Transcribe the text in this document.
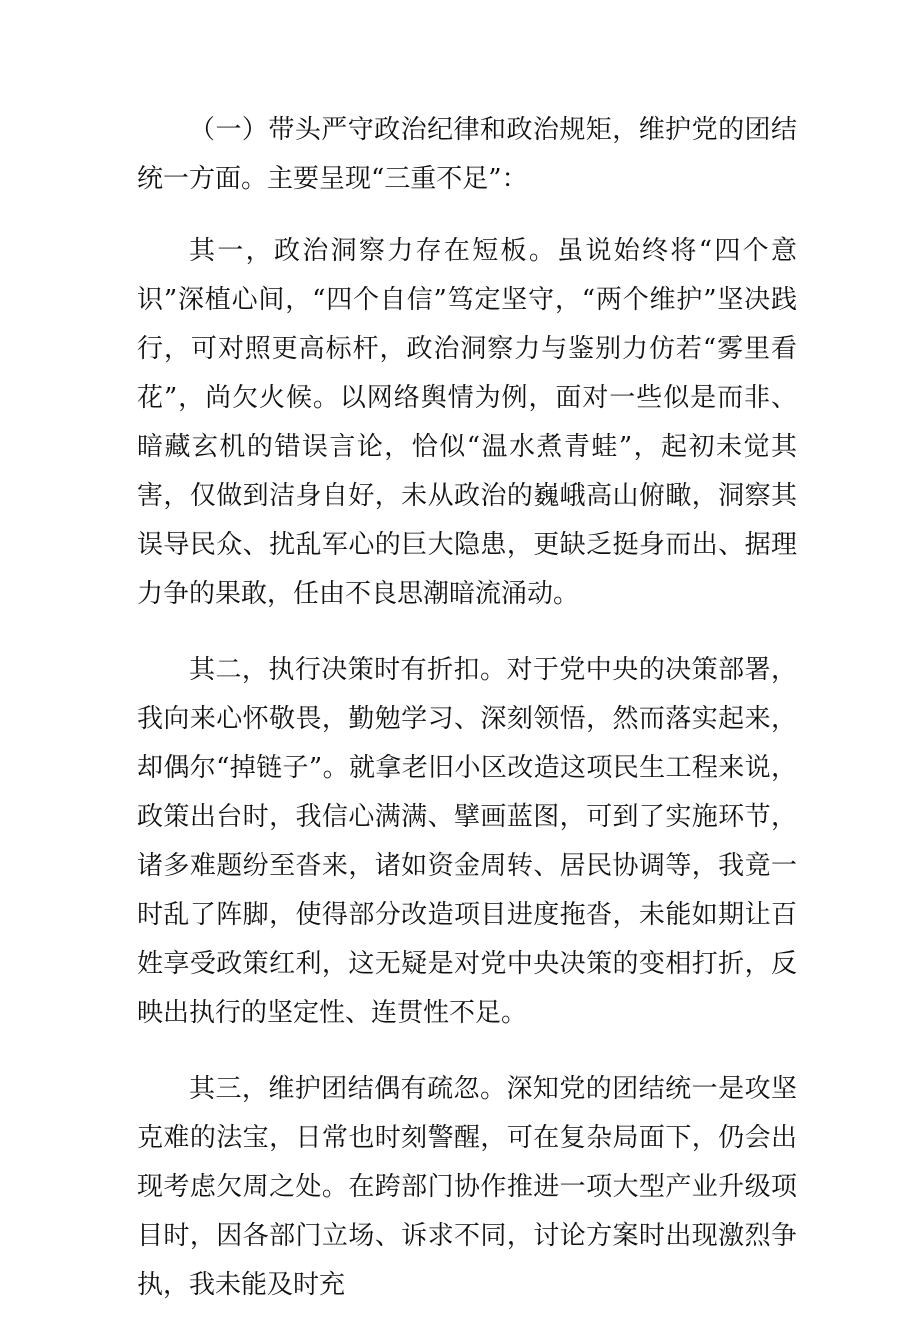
（一）带头严守政治纪律和政治规矩，维护党的团结统一方面。主要呈现“三重不足”：

其一，政治洞察力存在短板。虽说始终将“四个意识”深植心间，“四个自信”笃定坚守，“两个维护”坚决践行，可对照更高标杆，政治洞察力与鉴别力仿若“雾里看花”，尚欠火候。以网络舆情为例，面对一些似是而非、暗藏玄机的错误言论，恰似“温水煮青蛙”，起初未觉其害，仅做到洁身自好，未从政治的巍峨高山俯瞰，洞察其误导民众、扰乱军心的巨大隐患，更缺乏挺身而出、据理力争的果敢，任由不良思潮暗流涌动。

其二，执行决策时有折扣。对于党中央的决策部署，我向来心怀敬畏，勤勉学习、深刻领悟，然而落实起来，却偶尔“掉链子”。就拿老旧小区改造这项民生工程来说，政策出台时，我信心满满、擘画蓝图，可到了实施环节，诸多难题纷至沓来，诸如资金周转、居民协调等，我竟一时乱了阵脚，使得部分改造项目进度拖沓，未能如期让百姓享受政策红利，这无疑是对党中央决策的变相打折，反映出执行的坚定性、连贯性不足。

其三，维护团结偶有疏忽。深知党的团结统一是攻坚克难的法宝，日常也时刻警醒，可在复杂局面下，仍会出现考虑欠周之处。在跨部门协作推进一项大型产业升级项目时，因各部门立场、诉求不同，讨论方案时出现激烈争执，我未能及时充
